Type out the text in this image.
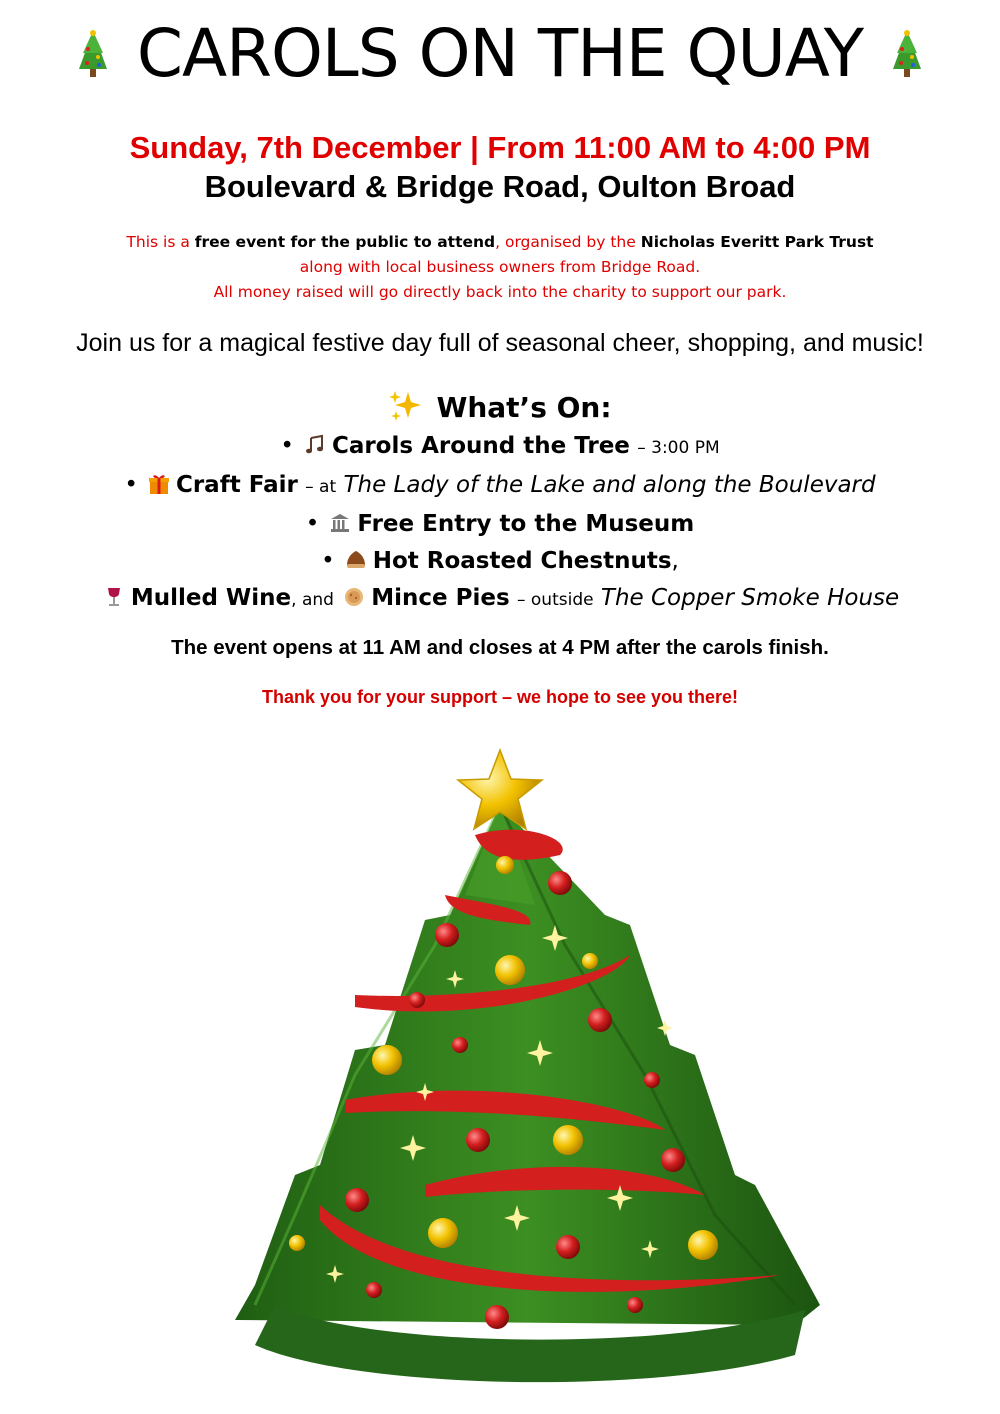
CAROLS ON THE QUAY
Sunday, 7th December | From 11:00 AM to 4:00 PM
Boulevard & Bridge Road, Oulton Broad
This is a free event for the public to attend, organised by the Nicholas Everitt Park Trust
along with local business owners from Bridge Road.
All money raised will go directly back into the charity to support our park.
Join us for a magical festive day full of seasonal cheer, shopping, and music!
What’s On:
• Carols Around the Tree – 3:00 PM
• Craft Fair – at The Lady of the Lake and along the Boulevard
• Free Entry to the Museum
• Hot Roasted Chestnuts,
Mulled Wine, and Mince Pies – outside The Copper Smoke House
The event opens at 11 AM and closes at 4 PM after the carols finish.
Thank you for your support – we hope to see you there!
